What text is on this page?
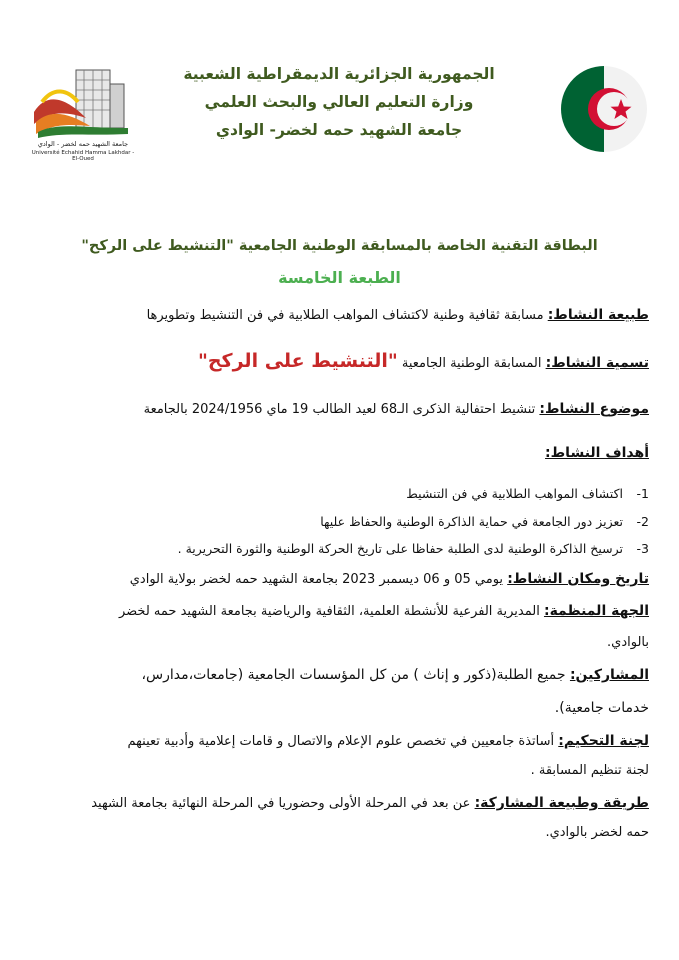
الجمهورية الجزائرية الديمقراطية الشعبية
وزارة التعليم العالي والبحث العلمي
جامعة الشهيد حمه لخضر- الوادي
جامعة الشهيد حمه لخضر - الوادي
Université Echahid Hamma Lakhdar - El-Oued
البطاقة التقنية الخاصة بالمسابقة الوطنية الجامعية "التنشيط على الركح"
الطبعة الخامسة
طبيعة النشاط: مسابقة ثقافية وطنية لاكتشاف المواهب الطلابية في فن التنشيط وتطويرها
تسمية النشاط: المسابقة الوطنية الجامعية "التنشيط على الركح"
موضوع النشاط: تنشيط احتفالية الذكرى الـ68 لعيد الطالب 19 ماي 2024/1956 بالجامعة
أهداف النشاط:
1-اكتشاف المواهب الطلابية في فن التنشيط
2-تعزيز دور الجامعة في حماية الذاكرة الوطنية والحفاظ عليها
3-ترسيخ الذاكرة الوطنية لدى الطلبة حفاظا على تاريخ الحركة الوطنية والثورة التحريرية .
تاريخ ومكان النشاط: يومي 05 و 06 ديسمبر 2023 بجامعة الشهيد حمه لخضر بولاية الوادي
الجهة المنظمة: المديرية الفرعية للأنشطة العلمية، الثقافية والرياضية بجامعة الشهيد حمه لخضر
بالوادي.
المشاركين: جميع الطلبة(ذكور و إناث ) من كل المؤسسات الجامعية (جامعات،مدارس،
خدمات جامعية).
لجنة التحكيم: أساتذة جامعيين في تخصص علوم الإعلام والاتصال و قامات إعلامية وأدبية تعينهم
لجنة تنظيم المسابقة .
طريقة وطبيعة المشاركة: عن بعد في المرحلة الأولى وحضوريا في المرحلة النهائية بجامعة الشهيد
حمه لخضر بالوادي.
